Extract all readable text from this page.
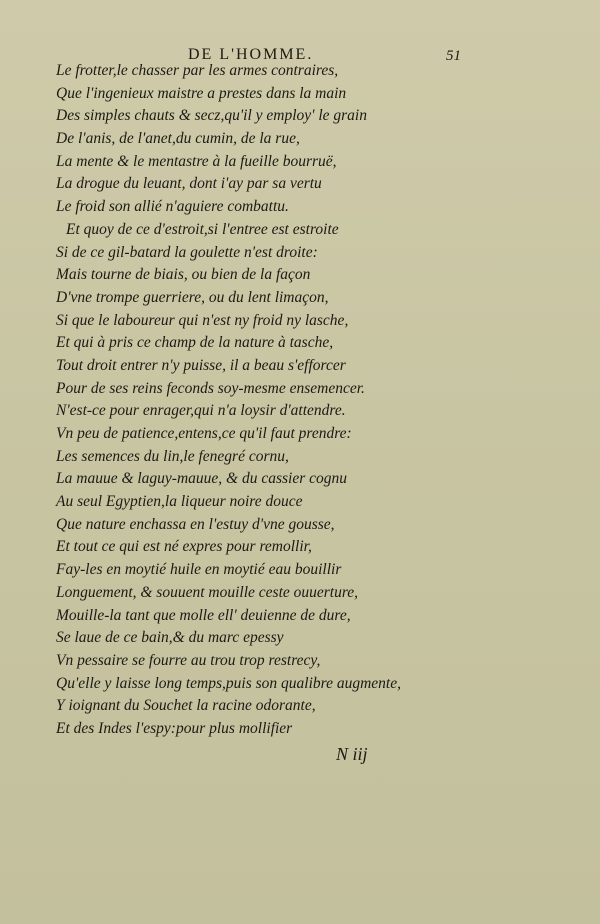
DE L'HOMME.	51
Le frotter,le chasser par les armes contraires,
Que l'ingenieux maistre a prestes dans la main
Des simples chauts & secz,qu'il y employ' le grain
De l'anis, de l'anet,du cumin, de la rue,
La mente & le mentastre à la fueille bourruë,
La drogue du leuant, dont i'ay par sa vertu
Le froid son allié n'aguiere combattu.
Et quoy de ce d'estroit,si l'entree est estroite
Si de ce gil-batard la goulette n'est droite:
Mais tourne de biais, ou bien de la façon
D'vne trompe guerriere, ou du lent limaçon,
Si que le laboureur qui n'est ny froid ny lasche,
Et qui à pris ce champ de la nature à tasche,
Tout droit entrer n'y puisse, il a beau s'efforcer
Pour de ses reins feconds soy-mesme ensemencer.
N'est-ce pour enrager,qui n'a loysir d'attendre.
Vn peu de patience,entens,ce qu'il faut prendre:
Les semences du lin,le fenegré cornu,
La mauue & laguy-mauue, & du cassier cognu
Au seul Egyptien,la liqueur noire douce
Que nature enchassa en l'estuy d'vne gousse,
Et tout ce qui est né expres pour remollir,
Fay-les en moytié huile en moytié eau bouillir
Longuement, & souuent mouille ceste ouuerture,
Mouille-la tant que molle ell' deuienne de dure,
Se laue de ce bain,& du marc epessy
Vn pessaire se fourre au trou trop restrecy,
Qu'elle y laisse long temps,puis son qualibre augmente,
Y ioignant du Souchet la racine odorante,
Et des Indes l'espy:pour plus mollifier
N iij
